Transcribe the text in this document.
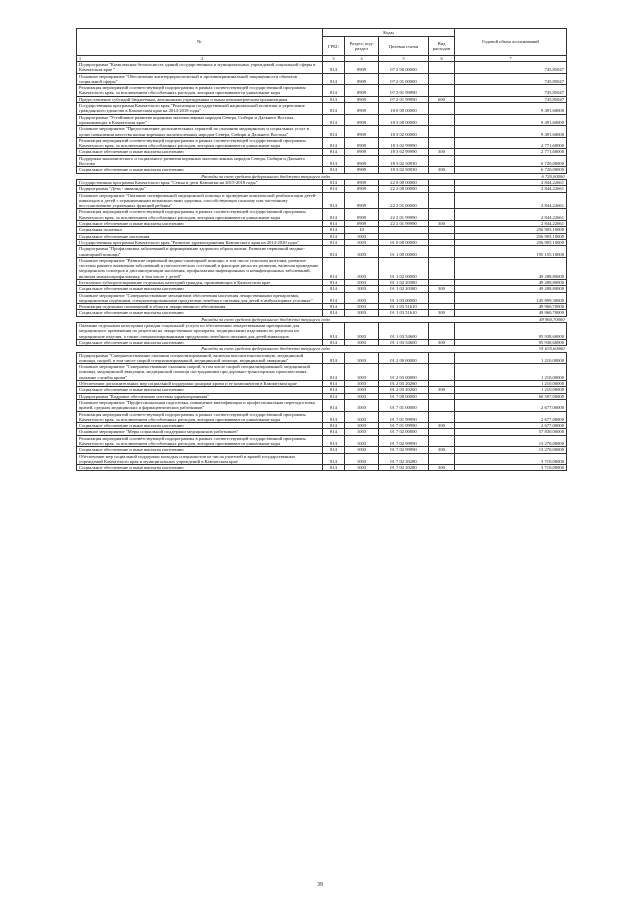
№	Коды				Годовой объем ассигнований
	ГРБС	Раздел, под-раздел	Целевая статья	Вид расходов	
1 2	3	4	5	6	7
Подпрограмма "Комплексная безопасность зданий государственных и муниципальных учреждений социальной сферы в Камчатском крае "	814	0909	07 2 00 00000		745,85047
Основное мероприятие "Обеспечение антитеррористической и противокриминальной защищенности объектов социальной сферы"	814	0909	07 2 01 00000		745,85047
Реализация мероприятий соответствующей подпрограммы в рамках соответствующей государственной программы Камчатского края, за исключением обособленных расходов, которым присваиваются уникальные коды	814	0909	07 2 01 99990		745,85047
Предоставление субсидий бюджетным, автономным учреждениям и иным некоммерческим организациям	814	0909	07 2 01 99990	600	745,85047
Государственная программа Камчатского края "Реализация государственной национальной политики и укрепление гражданского единства в Камчатском крае на 2014-2018 годы"	814	0909	18 0 00 00000		9 491,60000
Подпрограмма "Устойчивое развитие коренных малочисленных народов Севера, Сибири и Дальнего Востока, проживающих в Камчатском крае"	814	0909	18 3 00 00000		9 491,60000
Основное мероприятие "Предоставление дополнительных гарантий по оказанию медицинских и социальных услуг в целях повышения качества жизни коренных малочисленных народов Севера, Сибири и Дальнего Востока"	814	0909	18 3 02 00000		9 491,60000
Реализация мероприятий соответствующей подпрограммы в рамках соответствующей государственной программы Камчатского края, за исключением обособленных расходов, которым присваиваются уникальные коды	814	0909	18 3 02 99990		2 771,60000
Социальное обеспечение и иные выплаты населению	814	0909	18 3 02 99990	300	2 771,60000
Поддержка экономического и социального развития коренных малочисленных народов Севера, Сибири и Дальнего Востока	814	0909	18 3 02 50930		6 720,00000
Социальное обеспечение и иные выплаты населению	814	0909	18 3 02 50930	300	6 720,00000
Расходы за счет средств федерального бюджета текущего года					6 720,00000
Государственная программа Камчатского края "Семья и дети Камчатки на 2015-2018 годы"	814	0909	22 0 00 00000		2 844,22661
Подпрограмма "Дети - инвалиды"	814	0909	22 2 00 00000		2 844,22661
Основное мероприятие "Оказание своевременной медицинской помощи и проведение комплексной реабилитации детей-инвалидов и детей с ограниченными возможностями здоровья, способствующих полному или частичному восстановлению утраченных функций ребенка"	814	0909	22 2 01 00000		2 844,22661
Реализация мероприятий соответствующей подпрограммы в рамках соответствующей государственной программы Камчатского края, за исключением обособленных расходов, которым присваиваются уникальные коды	814	0909	22 2 01 99990		2 844,22661
Социальное обеспечение и иные выплаты населению	814	0909	22 2 01 99990	300	2 844,22661
Социальная политика	814	10			256 905,10000
Социальное обеспечение населения	814	1003			256 905,10000
Государственная программа Камчатского края "Развитие здравоохранения Камчатского края на 2014-2020 годы"	814	1003	01 0 00 00000		256 905,10000
Подпрограмма "Профилактика заболеваний и формирование здорового образа жизни. Развитие первичной медико-санитарной помощи"	814	1003	01 1 00 00000		195 155,10000
Основное мероприятие "Развитие первичной медико-санитарной помощи, в том числе сельским жителям, развитие системы раннего выявления заболеваний и патологических состояний и факторов риска их развития, включая проведение медицинских осмотров и диспансеризации населения, профилактика инфекционных и неинфекционных заболеваний, включая иммунопрофилактику, в том числе у детей"	814	1003	01 1 02 00000		49 288,80000
Бесплатное зубопротезирование отдельных категорий граждан, проживающих в Камчатском крае	814	1003	01 1 02 20380		49 288,80000
Социальное обеспечение и иные выплаты населению	814	1003	01 1 02 20380	300	49 288,80000
Основное мероприятие "Совершенствование механизмов обеспечения населения лекарственными препаратами, медицинскими изделиями, специализированными продуктами лечебного питания для детей в амбулаторных условиях"	814	1003	01 1 03 00000		145 899,30000
Реализация отдельных полномочий в области лекарственного обеспечения	814	1003	01 1 03 51610		49 960,70000
Социальное обеспечение и иные выплаты населению	814	1003	01 1 03 51610	300	49 960,70000
Расходы за счет средств федерального бюджета текущего года					49 960,70000
Оказание отдельным категориям граждан социальной услуги по обеспечению лекарственными препаратами для медицинского применения по рецептам на лекарственные препараты, медицинскими изделиями по рецептам на медицинские изделия, а также специализированными продуктами лечебного питания для детей-инвалидов	814	1003	01 1 03 54600		95 938,60000
Социальное обеспечение и иные выплаты населению	814	1003	01 1 03 54600	300	95 938,60000
Расходы за счет средств федерального бюджета текущего года					91 635,60000
Подпрограмма "Совершенствование оказания специализированной, включая высокотехнологичную, медицинской помощи, скорой, в том числе скорой специализированной, медицинской помощи, медицинской эвакуации"	814	1003	01 2 00 00000		1 210,00000
Основное мероприятие "Совершенствование оказания скорой, в том числе скорой специализированной, медицинской помощи, медицинской эвакуации, медицинской помощи пострадавшим при дорожно-транспортных происшествиях, оказание службы крови"	814	1003	01 2 03 00000		1 210,00000
Обеспечение дополнительных мер социальной поддержки донорам крови и ее компонентов в Камчатском крае	814	1003	01 2 03 20260		1 210,00000
Социальное обеспечение и иные выплаты населению	814	1003	01 2 03 20260	300	1 210,00000
Подпрограмма "Кадровое обеспечение системы здравоохранения"	814	1003	01 7 00 00000		60 507,00000
Основное мероприятие "Профессиональная подготовка, повышение квалификации и профессиональная переподготовка врачей, средних медицинских и фармацевтических работников"	814	1003	01 7 01 00000		2 677,00000
Реализация мероприятий соответствующей подпрограммы в рамках соответствующей государственной программы Камчатского края, за исключением обособленных расходов, которым присваиваются уникальные коды	814	1003	01 7 01 99990		2 677,00000
Социальное обеспечение и иные выплаты населению	814	1003	01 7 01 99990	300	2 677,00000
Основное мероприятие "Меры социальной поддержки медицинских работников"	814	1003	01 7 02 00000		57 830,00000
Реализация мероприятий соответствующей подпрограммы в рамках соответствующей государственной программы Камчатского края, за исключением обособленных расходов, которым присваиваются уникальные коды	814	1003	01 7 02 99990		13 270,00000
Социальное обеспечение и иные выплаты населению	814	1003	01 7 02 99990	300	13 270,00000
Обеспечение мер социальной поддержки молодых специалистов из числа учителей и врачей государственных учреждений Камчатского края и муниципальных учреждений в Камчатском крае	814	1003	01 7 02 20280		3 710,00000
Социальное обеспечение и иные выплаты населению	814	1003	01 7 02 20280	300	3 710,00000
39
